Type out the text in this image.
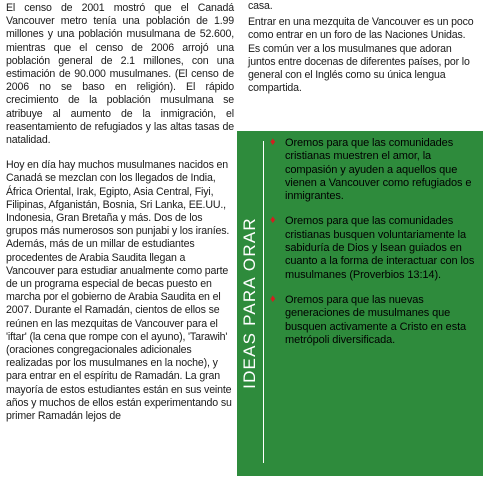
El censo de 2001 mostró que el Canadá Vancouver metro tenía una población de 1.99 millones y una población musulmana de 52.600, mientras que el censo de 2006 arrojó una población general de 2.1 millones, con una estimación de 90.000 musulmanes. (El censo de 2006 no se baso en religión). El rápido crecimiento de la población musulmana se atribuye al aumento de la inmigración, el reasentamiento de refugiados y las altas tasas de natalidad.

Hoy en día hay muchos musulmanes nacidos en Canadá se mezclan con los llegados de India, África Oriental, Irak, Egipto, Asia Central, Fiyi, Filipinas, Afganistán, Bosnia, Sri Lanka, EE.UU., Indonesia, Gran Bretaña y más. Dos de los grupos más numerosos son punjabi y los iraníes. Además, más de un millar de estudiantes procedentes de Arabia Saudita llegan a Vancouver para estudiar anualmente como parte de un programa especial de becas puesto en marcha por el gobierno de Arabia Saudita en el 2007. Durante el Ramadán, cientos de ellos se reúnen en las mezquitas de Vancouver para el 'iftar' (la cena que rompe con el ayuno), 'Tarawih' (oraciones congregacionales adicionales realizadas por los musulmanes en la noche), y para entrar en el espíritu de Ramadán. La gran mayoría de estos estudiantes están en sus veinte años y muchos de ellos están experimentando su primer Ramadán lejos de

casa.

Entrar en una mezquita de Vancouver es un poco como entrar en un foro de las Naciones Unidas. Es común ver a los musulmanes que adoran juntos entre docenas de diferentes países, por lo general con el Inglés como su única lengua compartida.

IDEAS PARA ORAR
♦ Oremos para que las comunidades cristianas muestren el amor, la compasión y ayuden a aquellos que vienen a Vancouver como refugiados e inmigrantes.
♦ Oremos para que las comunidades cristianas busquen voluntariamente la sabiduría de Dios y lsean guiados en cuanto a la forma de interactuar con los musulmanes (Proverbios 13:14).
♦ Oremos para que las nuevas generaciones de musulmanes que busquen activamente a Cristo en esta metrópoli diversificada.
